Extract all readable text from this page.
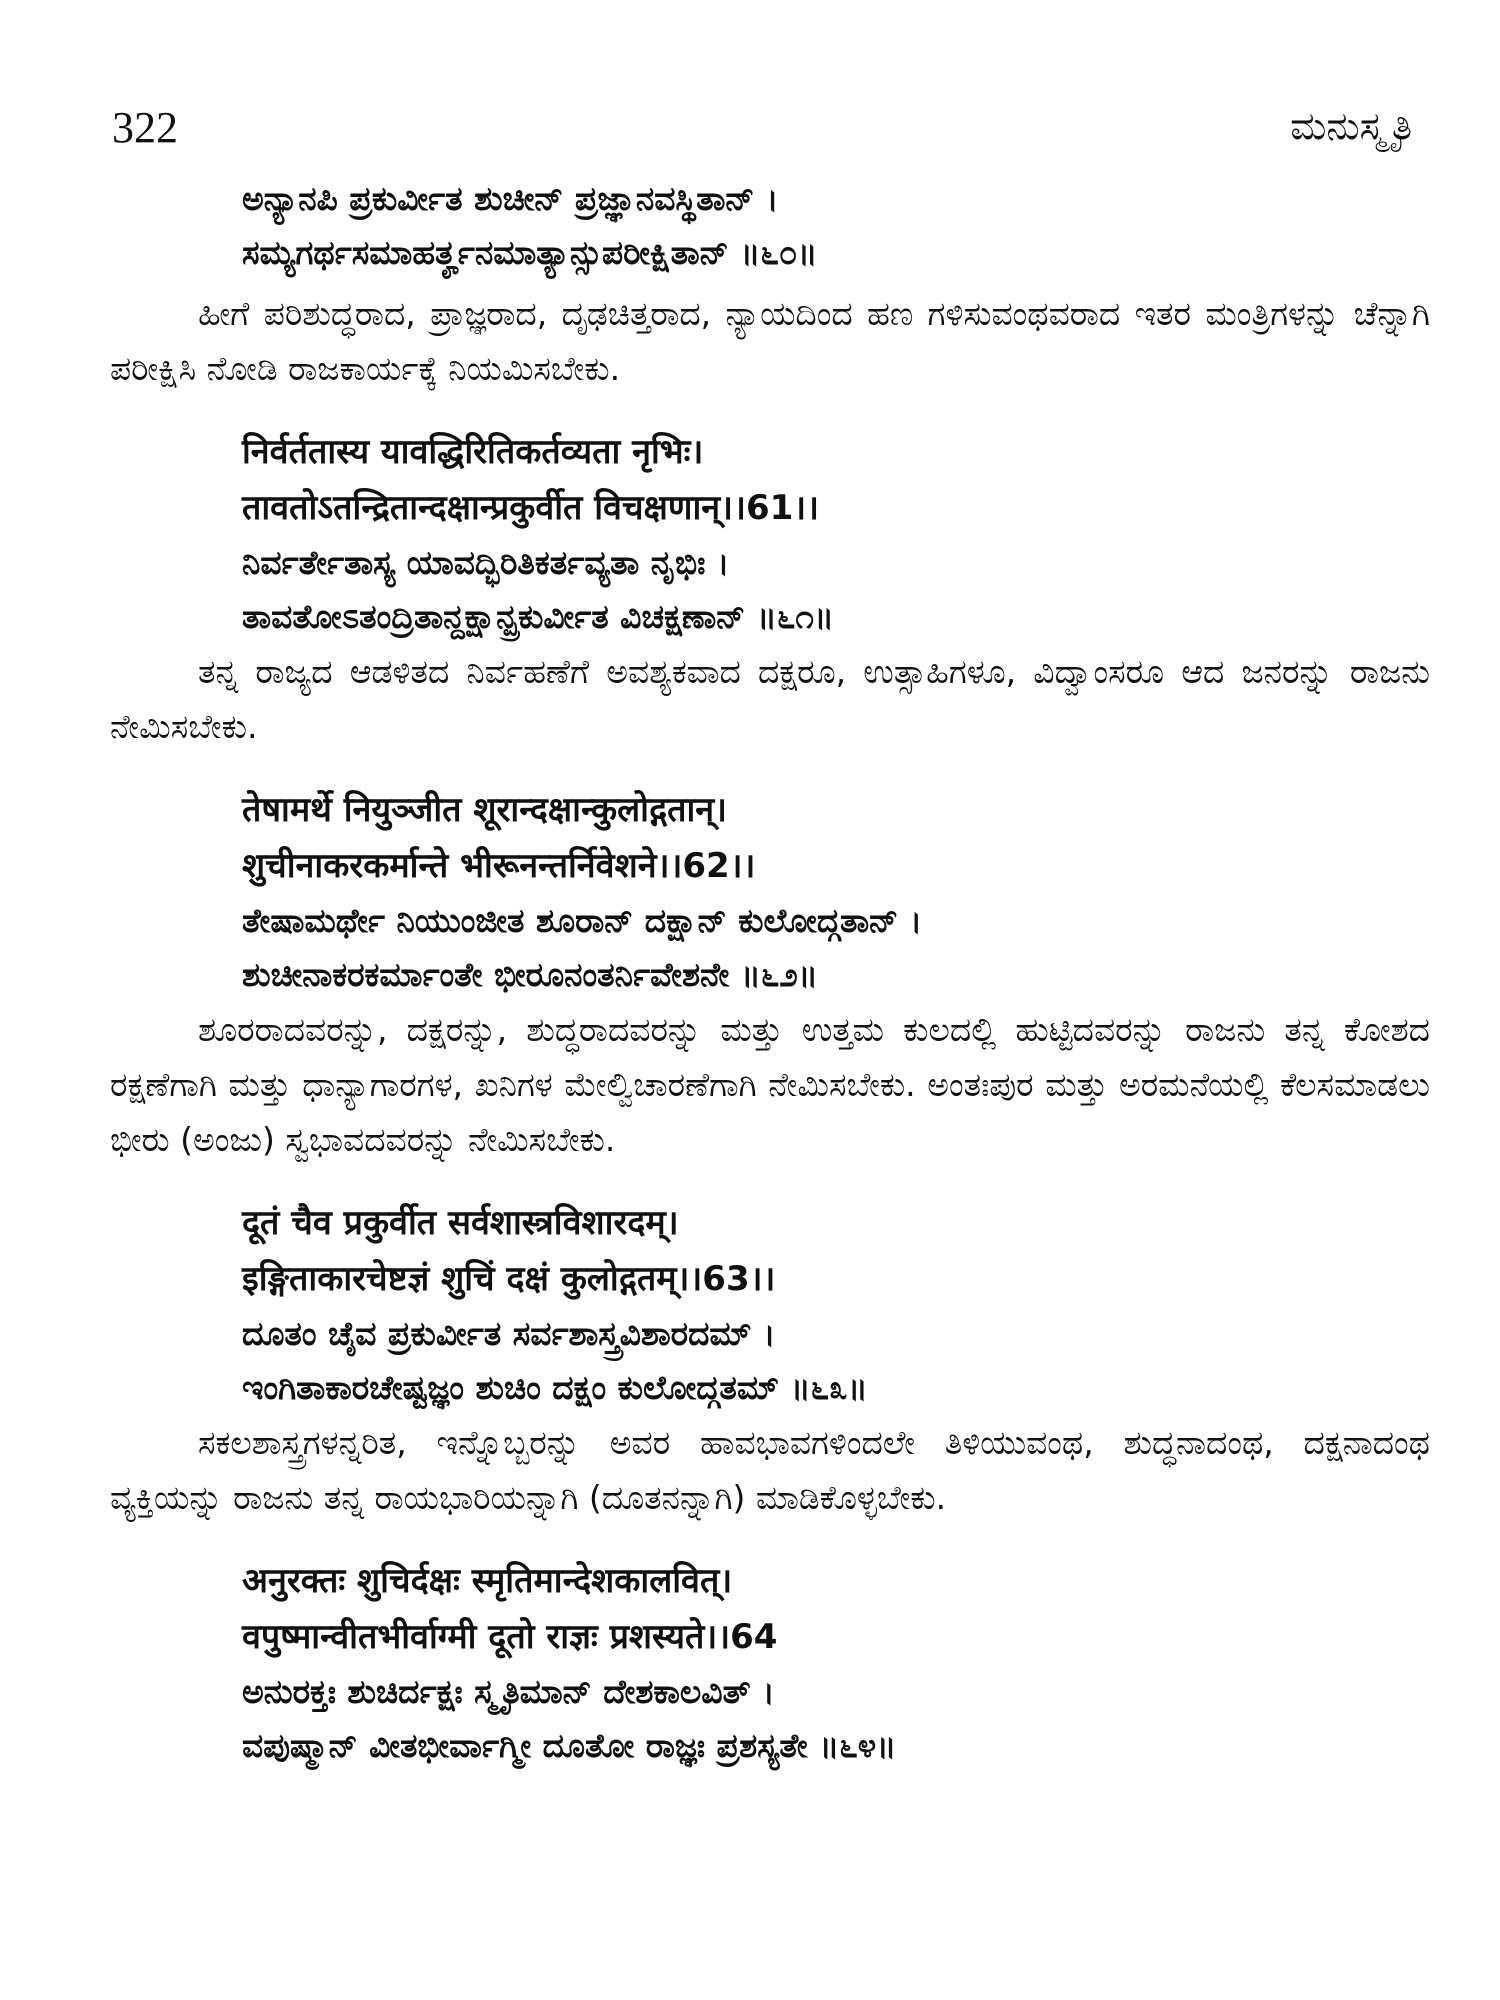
322	ಮನುಸ್ಮೃತಿ
ಅನ್ಯಾನಪಿ ಪ್ರಕುರ್ವೀತ ಶುಚೀನ್ ಪ್ರಜ್ಞಾನವಸ್ಥಿತಾನ್ ।
ಸಮ್ಯಗರ್ಥಸಮಾಹರ್ತೄನಮಾತ್ಯಾನ್ಸುಪರೀಕ್ಷಿತಾನ್ ॥೬೦॥

ಹೀಗೆ ಪರಿಶುದ್ಧರಾದ, ಪ್ರಾಜ್ಞರಾದ, ದೃಢಚಿತ್ತರಾದ, ನ್ಯಾಯದಿಂದ ಹಣ ಗಳಿಸುವಂಥವರಾದ ಇತರ ಮಂತ್ರಿಗಳನ್ನು ಚೆನ್ನಾಗಿ ಪರೀಕ್ಷಿಸಿ ನೋಡಿ ರಾಜಕಾರ್ಯಕ್ಕೆ ನಿಯಮಿಸಬೇಕು.

निर्वर्ततास्य यावद्धिरितिकर्तव्यता नृभिः।
तावतोऽतन्द्रितान्दक्षान्प्रकुर्वीत विचक्षणान्।।61।।
ನಿರ್ವರ್ತೇತಾಸ್ಯ ಯಾವದ್ಭಿರಿತಿಕರ್ತವ್ಯತಾ ನೃಭಿಃ ।
ತಾವತೋಽತಂದ್ರಿತಾನ್ದಕ್ಷಾನ್ಪ್ರಕುರ್ವೀತ ವಿಚಕ್ಷಣಾನ್ ॥೬೧॥

ತನ್ನ ರಾಜ್ಯದ ಆಡಳಿತದ ನಿರ್ವಹಣೆಗೆ ಅವಶ್ಯಕವಾದ ದಕ್ಷರೂ, ಉತ್ಸಾಹಿಗಳೂ, ವಿದ್ವಾಂಸರೂ ಆದ ಜನರನ್ನು ರಾಜನು ನೇಮಿಸಬೇಕು.

तेषामर्थे नियुञ्जीत शूरान्दक्षान्कुलोद्गतान्।
शुचीनाकरकर्मान्ते भीरूनन्तर्निवेशने।।62।।
ತೇಷಾಮರ್ಥೇ ನಿಯುಂಜೀತ ಶೂರಾನ್ ದಕ್ಷಾನ್ ಕುಲೋದ್ಗತಾನ್ ।
ಶುಚೀನಾಕರಕರ್ಮಾಂತೇ ಭೀರೂನಂತರ್ನಿವೇಶನೇ ॥೬೨॥

ಶೂರರಾದವರನ್ನು, ದಕ್ಷರನ್ನು, ಶುದ್ಧರಾದವರನ್ನು ಮತ್ತು ಉತ್ತಮ ಕುಲದಲ್ಲಿ ಹುಟ್ಟಿದವರನ್ನು ರಾಜನು ತನ್ನ ಕೋಶದ ರಕ್ಷಣೆಗಾಗಿ ಮತ್ತು ಧಾನ್ಯಾಗಾರಗಳ, ಖನಿಗಳ ಮೇಲ್ವಿಚಾರಣೆಗಾಗಿ ನೇಮಿಸಬೇಕು. ಅಂತಃಪುರ ಮತ್ತು ಅರಮನೆಯಲ್ಲಿ ಕೆಲಸಮಾಡಲು ಭೀರು (ಅಂಜು) ಸ್ವಭಾವದವರನ್ನು ನೇಮಿಸಬೇಕು.

दूतं चैव प्रकुर्वीत सर्वशास्त्रविशारदम्।
इङ्गिताकारचेष्टज्ञं शुचिं दक्षं कुलोद्गतम्।।63।।
ದೂತಂ ಚೈವ ಪ್ರಕುರ್ವೀತ ಸರ್ವಶಾಸ್ತ್ರವಿಶಾರದಮ್ ।
ಇಂಗಿತಾಕಾರಚೇಷ್ಟಜ್ಞಂ ಶುಚಿಂ ದಕ್ಷಂ ಕುಲೋದ್ಗತಮ್ ॥೬೩॥

ಸಕಲಶಾಸ್ತ್ರಗಳನ್ನರಿತ, ಇನ್ನೊಬ್ಬರನ್ನು ಅವರ ಹಾವಭಾವಗಳಿಂದಲೇ ತಿಳಿಯುವಂಥ, ಶುದ್ಧನಾದಂಥ, ದಕ್ಷನಾದಂಥ ವ್ಯಕ್ತಿಯನ್ನು ರಾಜನು ತನ್ನ ರಾಯಭಾರಿಯನ್ನಾಗಿ (ದೂತನನ್ನಾಗಿ) ಮಾಡಿಕೊಳ್ಳಬೇಕು.

अनुरक्तः शुचिर्दक्षः स्मृतिमान्देशकालवित्।
वपुष्मान्वीतभीर्वाग्मी दूतो राज्ञः प्रशस्यते।।64
ಅನುರಕ್ತಃ ಶುಚಿರ್ದಕ್ಷಃ ಸ್ಮೃತಿಮಾನ್ ದೇಶಕಾಲವಿತ್ ।
ವಪುಷ್ಮಾನ್ ವೀತಭೀರ್ವಾಗ್ಮೀ ದೂತೋ ರಾಜ್ಞಃ ಪ್ರಶಸ್ಯತೇ ॥೬೪॥
